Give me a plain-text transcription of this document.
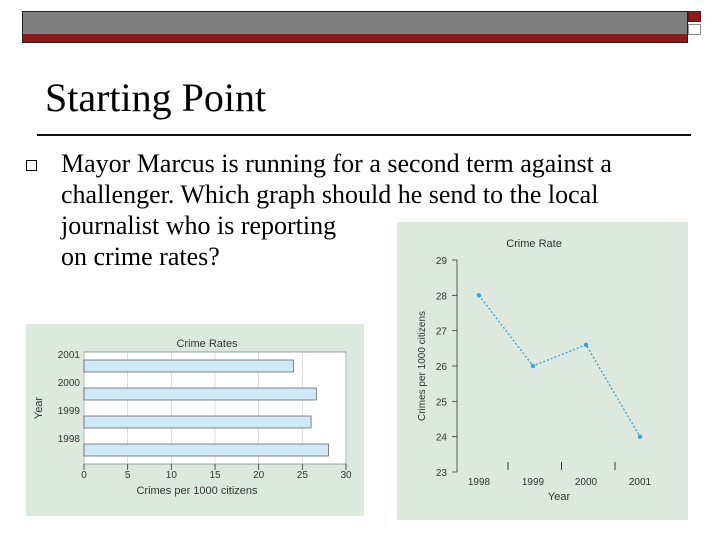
Starting Point
Mayor Marcus is running for a second term against a
challenger. Which graph should he send to the local
journalist who is reporting
on crime rates?
0	5	10	15	20	25	30
2001
2000
1999
1998
Crime Rates
Crimes per 1000 citizens
Year
23
24
25
26
27
28
29
1998	1999	2000	2001
Crime Rate
Year
Crimes per 1000 citizens
